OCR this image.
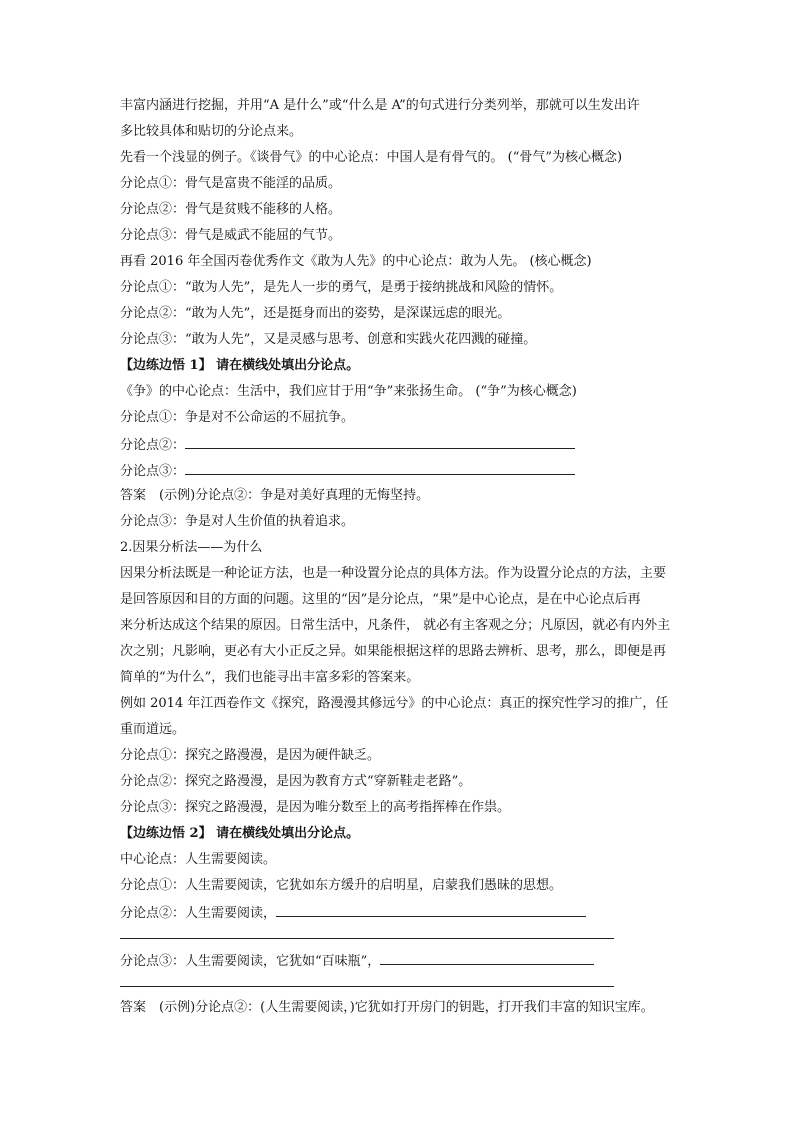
丰富内涵进行挖掘，并用“A 是什么”或“什么是 A”的句式进行分类列举，那就可以生发出许
多比较具体和贴切的分论点来。
先看一个浅显的例子。《谈骨气》的中心论点：中国人是有骨气的。 (“骨气”为核心概念)
分论点①：骨气是富贵不能淫的品质。
分论点②：骨气是贫贱不能移的人格。
分论点③：骨气是威武不能屈的气节。
再看 2016 年全国丙卷优秀作文《敢为人先》的中心论点：敢为人先。 (核心概念)
分论点①：“敢为人先”，是先人一步的勇气，是勇于接纳挑战和风险的情怀。
分论点②：“敢为人先”，还是挺身而出的姿势，是深谋远虑的眼光。
分论点③：“敢为人先”，又是灵感与思考、创意和实践火花四溅的碰撞。
【边练边悟 1】 请在横线处填出分论点。
《争》的中心论点：生活中，我们应甘于用“争”来张扬生命。 (“争”为核心概念)
分论点①：争是对不公命运的不屈抗争。
分论点②：
分论点③：
答案　(示例)分论点②：争是对美好真理的无悔坚持。
分论点③：争是对人生价值的执着追求。
2.因果分析法——为什么
因果分析法既是一种论证方法，也是一种设置分论点的具体方法。作为设置分论点的方法，主要
是回答原因和目的方面的问题。这里的“因”是分论点，“果”是中心论点，是在中心论点后再
来分析达成这个结果的原因。日常生活中，凡条件， 就必有主客观之分；凡原因，就必有内外主
次之别；凡影响，更必有大小正反之异。如果能根据这样的思路去辨析、思考，那么，即便是再
简单的“为什么”，我们也能寻出丰富多彩的答案来。
例如 2014 年江西卷作文《探究，路漫漫其修远兮》的中心论点：真正的探究性学习的推广，任
重而道远。
分论点①：探究之路漫漫，是因为硬件缺乏。
分论点②：探究之路漫漫，是因为教育方式“穿新鞋走老路”。
分论点③：探究之路漫漫，是因为唯分数至上的高考指挥棒在作祟。
【边练边悟 2】 请在横线处填出分论点。
中心论点：人生需要阅读。
分论点①：人生需要阅读，它犹如东方缓升的启明星，启蒙我们愚昧的思想。
分论点②：人生需要阅读，
分论点③：人生需要阅读，它犹如“百味瓶”，
答案　(示例)分论点②：(人生需要阅读，)它犹如打开房门的钥匙，打开我们丰富的知识宝库。
